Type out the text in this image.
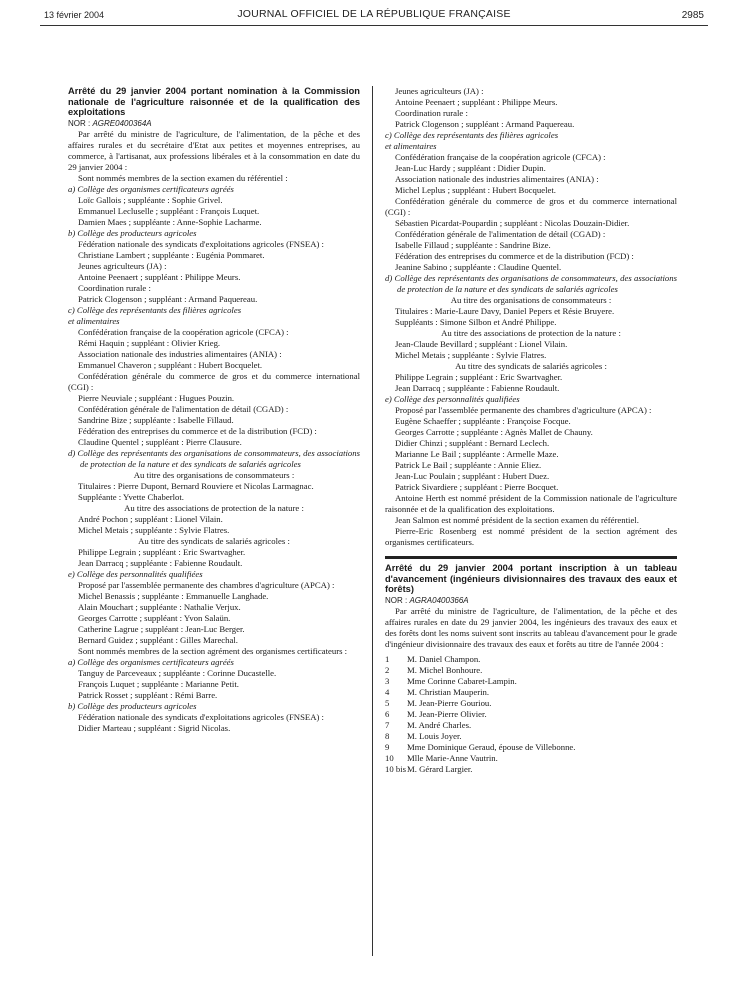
13 février 2004	JOURNAL OFFICIEL DE LA RÉPUBLIQUE FRANÇAISE	2985

Arrêté du 29 janvier 2004 portant nomination à la Commission nationale de l'agriculture raisonnée et de la qualification des exploitations

NOR : AGRE0400364A

Par arrêté du ministre de l'agriculture, de l'alimentation, de la pêche et des affaires rurales et du secrétaire d'Etat aux petites et moyennes entreprises, au commerce, à l'artisanat, aux professions libérales et à la consommation en date du 29 janvier 2004 :

Sont nommés membres de la section examen du référentiel :

a) Collège des organismes certificateurs agréés

Loïc Gallois ; suppléante : Sophie Grivel.

Emmanuel Lecluselle ; suppléant : François Luquet.

Damien Maes ; suppléante : Anne-Sophie Lacharme.

b) Collège des producteurs agricoles

Fédération nationale des syndicats d'exploitations agricoles (FNSEA) :

Christiane Lambert ; suppléante : Eugénia Pommaret.

Jeunes agriculteurs (JA) :

Antoine Peenaert ; suppléant : Philippe Meurs.

Coordination rurale :

Patrick Clogenson ; suppléant : Armand Paquereau.

c) Collège des représentants des filières agricoles
et alimentaires

Confédération française de la coopération agricole (CFCA) :

Rémi Haquin ; suppléant : Olivier Krieg.

Association nationale des industries alimentaires (ANIA) :

Emmanuel Chaveron ; suppléant : Hubert Bocquelet.

Confédération générale du commerce de gros et du commerce international (CGI) :

Pierre Neuviale ; suppléant : Hugues Pouzin.

Confédération générale de l'alimentation de détail (CGAD) :

Sandrine Bize ; suppléante : Isabelle Fillaud.

Fédération des entreprises du commerce et de la distribution (FCD) :

Claudine Quentel ; suppléant : Pierre Clausure.

d) Collège des représentants des organisations de consommateurs, des associations de protection de la nature et des syndicats de salariés agricoles

Au titre des organisations de consommateurs :

Titulaires : Pierre Dupont, Bernard Rouviere et Nicolas Larmagnac.

Suppléante : Yvette Chaberlot.

Au titre des associations de protection de la nature :

André Pochon ; suppléant : Lionel Vilain.

Michel Metais ; suppléante : Sylvie Flatres.

Au titre des syndicats de salariés agricoles :

Philippe Legrain ; suppléant : Eric Swartvagher.

Jean Darracq ; suppléante : Fabienne Roudault.

e) Collège des personnalités qualifiées

Proposé par l'assemblée permanente des chambres d'agriculture (APCA) :

Michel Benassis ; suppléante : Emmanuelle Langhade.

Alain Mouchart ; suppléante : Nathalie Verjux.

Georges Carrotte ; suppléant : Yvon Salaün.

Catherine Lagrue ; suppléant : Jean-Luc Berger.

Bernard Guidez ; suppléant : Gilles Marechal.

Sont nommés membres de la section agrément des organismes certificateurs :

a) Collège des organismes certificateurs agréés

Tanguy de Parceveaux ; suppléante : Corinne Ducastelle.

François Luquet ; suppléante : Marianne Petit.

Patrick Rosset ; suppléant : Rémi Barre.

b) Collège des producteurs agricoles

Fédération nationale des syndicats d'exploitations agricoles (FNSEA) :

Didier Marteau ; suppléant : Sigrid Nicolas.

Jeunes agriculteurs (JA) :

Antoine Peenaert ; suppléant : Philippe Meurs.

Coordination rurale :

Patrick Clogenson ; suppléant : Armand Paquereau.

c) Collège des représentants des filières agricoles
et alimentaires

Confédération française de la coopération agricole (CFCA) :

Jean-Luc Hardy ; suppléant : Didier Dupin.

Association nationale des industries alimentaires (ANIA) :

Michel Leplus ; suppléant : Hubert Bocquelet.

Confédération générale du commerce de gros et du commerce international (CGI) :

Sébastien Picardat-Poupardin ; suppléant : Nicolas Douzain-Didier.

Confédération générale de l'alimentation de détail (CGAD) :

Isabelle Fillaud ; suppléante : Sandrine Bize.

Fédération des entreprises du commerce et de la distribution (FCD) :

Jeanine Sabino ; suppléante : Claudine Quentel.

d) Collège des représentants des organisations de consommateurs, des associations de protection de la nature et des syndicats de salariés agricoles

Au titre des organisations de consommateurs :

Titulaires : Marie-Laure Davy, Daniel Pepers et Résie Bruyere.

Suppléants : Simone Silbon et André Philippe.

Au titre des associations de protection de la nature :

Jean-Claude Bevillard ; suppléant : Lionel Vilain.

Michel Metais ; suppléante : Sylvie Flatres.

Au titre des syndicats de salariés agricoles :

Philippe Legrain ; suppléant : Eric Swartvagher.

Jean Darracq ; suppléante : Fabienne Roudault.

e) Collège des personnalités qualifiées

Proposé par l'assemblée permanente des chambres d'agriculture (APCA) :

Eugène Schaeffer ; suppléante : Françoise Focque.

Georges Carrotte ; suppléante : Agnès Mallet de Chauny.

Didier Chinzi ; suppléant : Bernard Leclech.

Marianne Le Bail ; suppléante : Armelle Maze.

Patrick Le Bail ; suppléante : Annie Eliez.

Jean-Luc Poulain ; suppléant : Hubert Duez.

Patrick Sivardiere ; suppléant : Pierre Bocquet.

Antoine Herth est nommé président de la Commission nationale de l'agriculture raisonnée et de la qualification des exploitations.

Jean Salmon est nommé président de la section examen du référentiel.

Pierre-Eric Rosenberg est nommé président de la section agrément des organismes certificateurs.

Arrêté du 29 janvier 2004 portant inscription à un tableau d'avancement (ingénieurs divisionnaires des travaux des eaux et forêts)

NOR : AGRA0400366A

Par arrêté du ministre de l'agriculture, de l'alimentation, de la pêche et des affaires rurales en date du 29 janvier 2004, les ingénieurs des travaux des eaux et des forêts dont les noms suivent sont inscrits au tableau d'avancement pour le grade d'ingénieur divisionnaire des travaux des eaux et forêts au titre de l'année 2004 :

1	M. Daniel Champon.
2	M. Michel Bonhoure.
3	Mme Corinne Cabaret-Lampin.
4	M. Christian Mauperin.
5	M. Jean-Pierre Gouriou.
6	M. Jean-Pierre Olivier.
7	M. André Charles.
8	M. Louis Joyer.
9	Mme Dominique Geraud, épouse de Villebonne.
10	Mlle Marie-Anne Vautrin.
10 bis M. Gérard Largier.
